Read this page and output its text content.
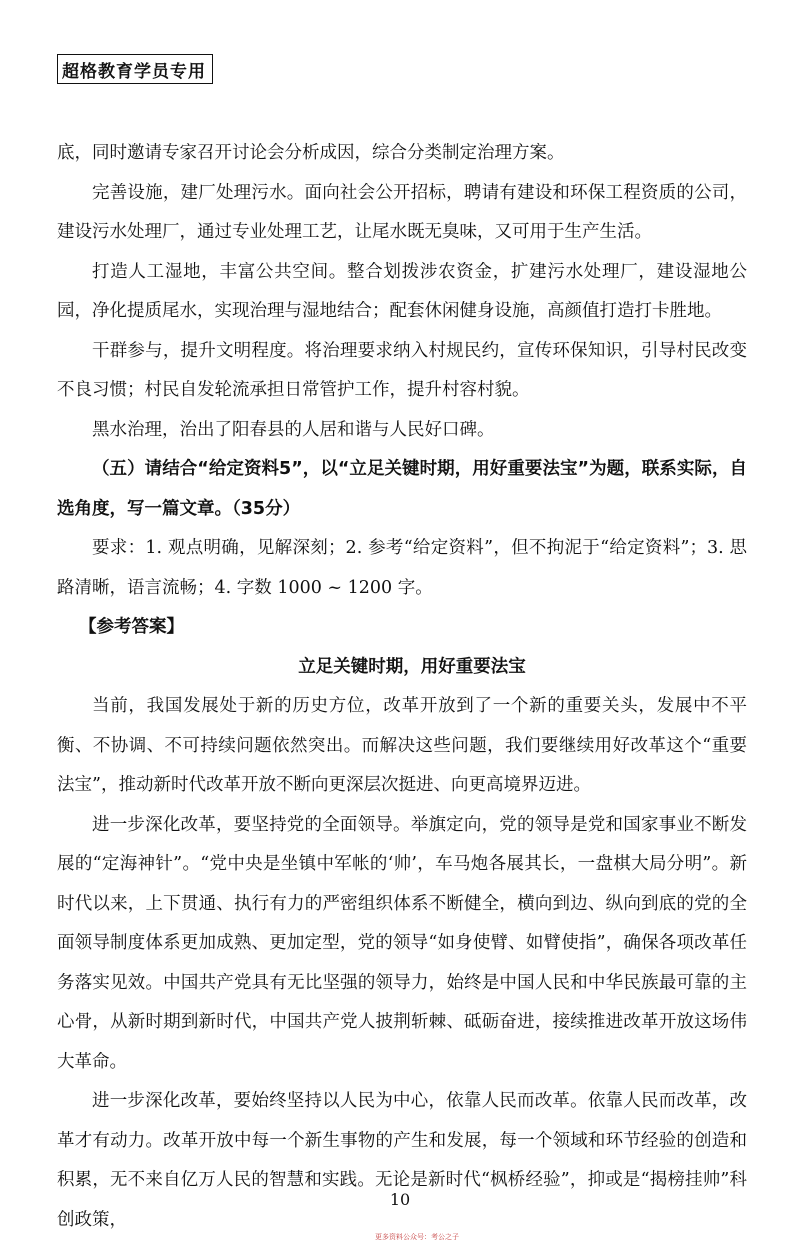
超格教育学员专用

底，同时邀请专家召开讨论会分析成因，综合分类制定治理方案。

完善设施，建厂处理污水。面向社会公开招标，聘请有建设和环保工程资质的公司，建设污水处理厂，通过专业处理工艺，让尾水既无臭味，又可用于生产生活。

打造人工湿地，丰富公共空间。整合划拨涉农资金，扩建污水处理厂，建设湿地公园，净化提质尾水，实现治理与湿地结合；配套休闲健身设施，高颜值打造打卡胜地。

干群参与，提升文明程度。将治理要求纳入村规民约，宣传环保知识，引导村民改变不良习惯；村民自发轮流承担日常管护工作，提升村容村貌。

黑水治理，治出了阳春县的人居和谐与人民好口碑。

（五）请结合“给定资料5”，以“立足关键时期，用好重要法宝”为题，联系实际，自选角度，写一篇文章。（35分）

要求：1. 观点明确，见解深刻；2. 参考“给定资料”，但不拘泥于“给定资料”；3. 思路清晰，语言流畅；4. 字数 1000 ~ 1200 字。

【参考答案】

立足关键时期，用好重要法宝

当前，我国发展处于新的历史方位，改革开放到了一个新的重要关头，发展中不平衡、不协调、不可持续问题依然突出。而解决这些问题，我们要继续用好改革这个“重要法宝”，推动新时代改革开放不断向更深层次挺进、向更高境界迈进。

进一步深化改革，要坚持党的全面领导。举旗定向，党的领导是党和国家事业不断发展的“定海神针”。“党中央是坐镇中军帐的‘帅’，车马炮各展其长，一盘棋大局分明”。新时代以来，上下贯通、执行有力的严密组织体系不断健全，横向到边、纵向到底的党的全面领导制度体系更加成熟、更加定型，党的领导“如身使臂、如臂使指”，确保各项改革任务落实见效。中国共产党具有无比坚强的领导力，始终是中国人民和中华民族最可靠的主心骨，从新时期到新时代，中国共产党人披荆斩棘、砥砺奋进，接续推进改革开放这场伟大革命。

进一步深化改革，要始终坚持以人民为中心，依靠人民而改革。依靠人民而改革，改革才有动力。改革开放中每一个新生事物的产生和发展，每一个领域和环节经验的创造和积累，无不来自亿万人民的智慧和实践。无论是新时代“枫桥经验”，抑或是“揭榜挂帅”科创政策，

10
更多资料公众号：考公之子
